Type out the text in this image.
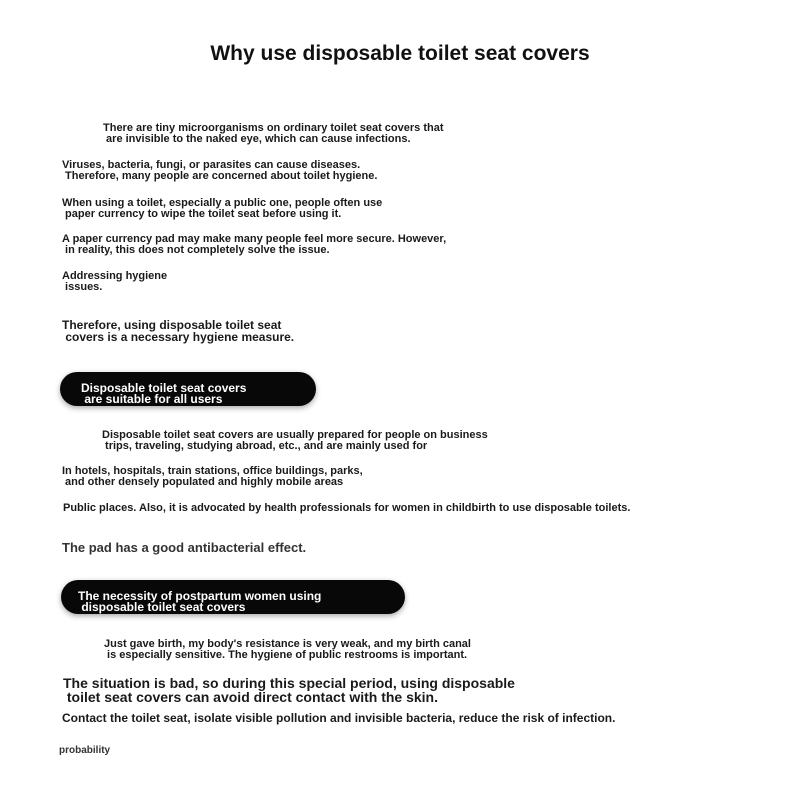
Why use disposable toilet seat covers
There are tiny microorganisms on ordinary toilet seat covers that
are invisible to the naked eye, which can cause infections.
Viruses, bacteria, fungi, or parasites can cause diseases.
Therefore, many people are concerned about toilet hygiene.
When using a toilet, especially a public one, people often use
paper currency to wipe the toilet seat before using it.
A paper currency pad may make many people feel more secure. However,
in reality, this does not completely solve the issue.
Addressing hygiene
issues.
Therefore, using disposable toilet seat
covers is a necessary hygiene measure.
Disposable toilet seat covers
are suitable for all users
Disposable toilet seat covers are usually prepared for people on business
trips, traveling, studying abroad, etc., and are mainly used for
In hotels, hospitals, train stations, office buildings, parks,
and other densely populated and highly mobile areas
Public places. Also, it is advocated by health professionals for women in childbirth to use disposable toilets.
The pad has a good antibacterial effect.
The necessity of postpartum women using
disposable toilet seat covers
Just gave birth, my body's resistance is very weak, and my birth canal
is especially sensitive. The hygiene of public restrooms is important.
The situation is bad, so during this special period, using disposable
toilet seat covers can avoid direct contact with the skin.
Contact the toilet seat, isolate visible pollution and invisible bacteria, reduce the risk of infection.
probability
